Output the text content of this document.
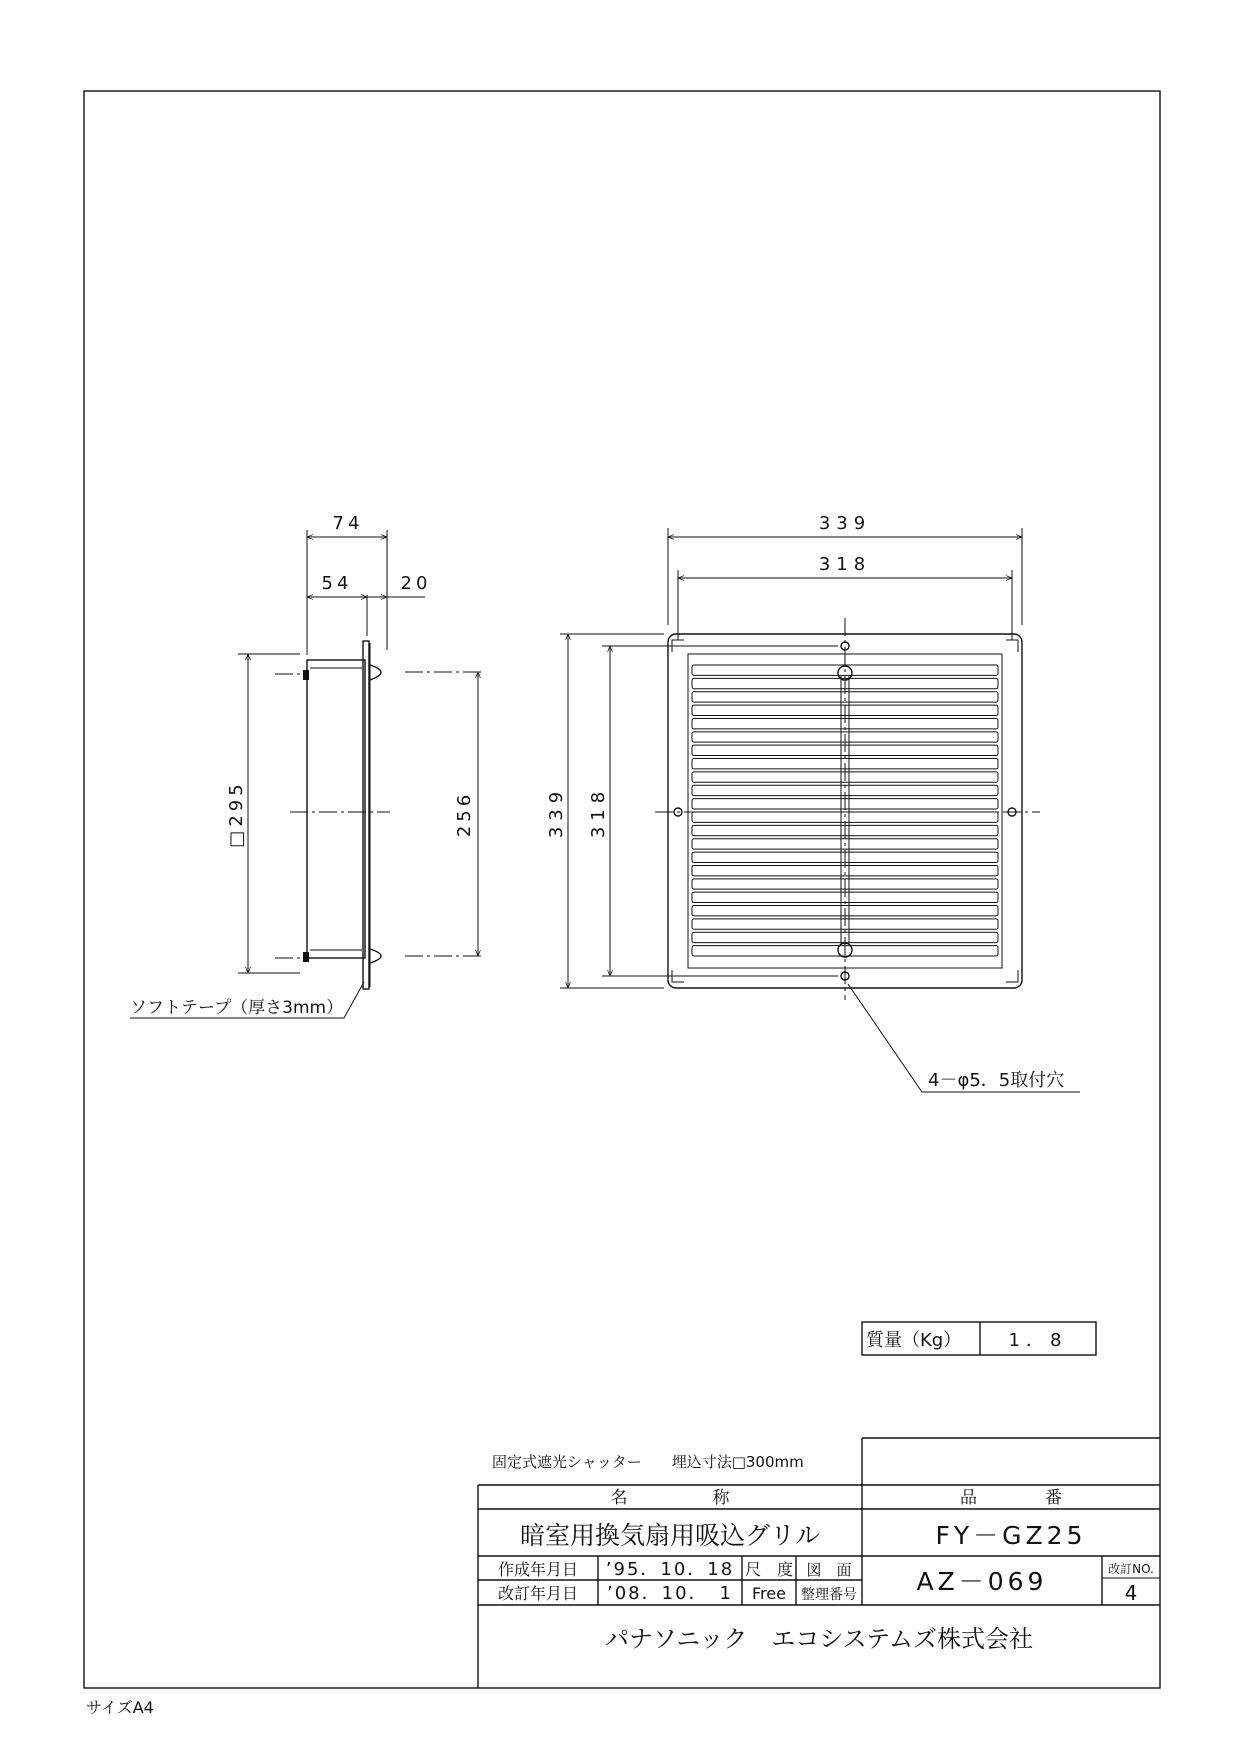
74
54	20
□295	256
ソフトテープ（厚さ3mm）
339
318
339 318
4－φ5．5取付穴
質量（Kg）	1．8
固定式遮光シャッター　　埋込寸法□300mm
名　　　　　称	品　　　　番
暗室用換気扇用吸込グリル	FY－GZ25
作成年月日 ’95．10．18 尺　度 図　面
改訂年月日 ’08．10．　1 Free 整理番号 AZ－069	改訂NO.
4
パナソニック　エコシステムズ株式会社
サイズA4
